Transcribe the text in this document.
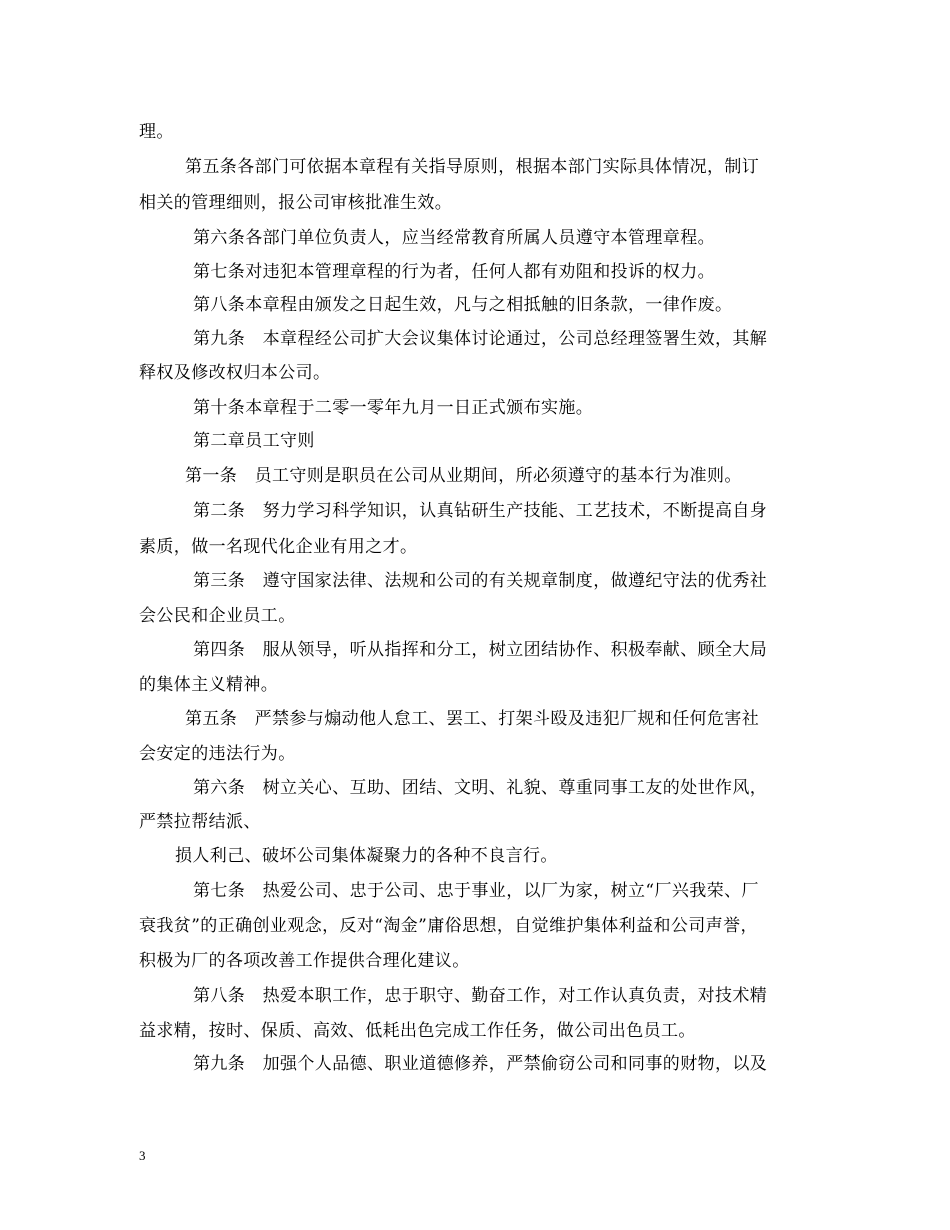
理。
第五条各部门可依据本章程有关指导原则，根据本部门实际具体情况，制订
相关的管理细则，报公司审核批准生效。
第六条各部门单位负责人，应当经常教育所属人员遵守本管理章程。
第七条对违犯本管理章程的行为者，任何人都有劝阻和投诉的权力。
第八条本章程由颁发之日起生效，凡与之相抵触的旧条款，一律作废。
第九条　本章程经公司扩大会议集体讨论通过，公司总经理签署生效，其解
释权及修改权归本公司。
第十条本章程于二零一零年九月一日正式颁布实施。
第二章员工守则
第一条　员工守则是职员在公司从业期间，所必须遵守的基本行为准则。
第二条　努力学习科学知识，认真钻研生产技能、工艺技术，不断提高自身
素质，做一名现代化企业有用之才。
第三条　遵守国家法律、法规和公司的有关规章制度，做遵纪守法的优秀社
会公民和企业员工。
第四条　服从领导，听从指挥和分工，树立团结协作、积极奉献、顾全大局
的集体主义精神。
第五条　严禁参与煽动他人怠工、罢工、打架斗殴及违犯厂规和任何危害社
会安定的违法行为。
第六条　树立关心、互助、团结、文明、礼貌、尊重同事工友的处世作风，
严禁拉帮结派、
损人利己、破坏公司集体凝聚力的各种不良言行。
第七条　热爱公司、忠于公司、忠于事业，以厂为家，树立“厂兴我荣、厂
衰我贫”的正确创业观念，反对“淘金”庸俗思想，自觉维护集体利益和公司声誉，
积极为厂的各项改善工作提供合理化建议。
第八条　热爱本职工作，忠于职守、勤奋工作，对工作认真负责，对技术精
益求精，按时、保质、高效、低耗出色完成工作任务，做公司出色员工。
第九条　加强个人品德、职业道德修养，严禁偷窃公司和同事的财物，以及
3
